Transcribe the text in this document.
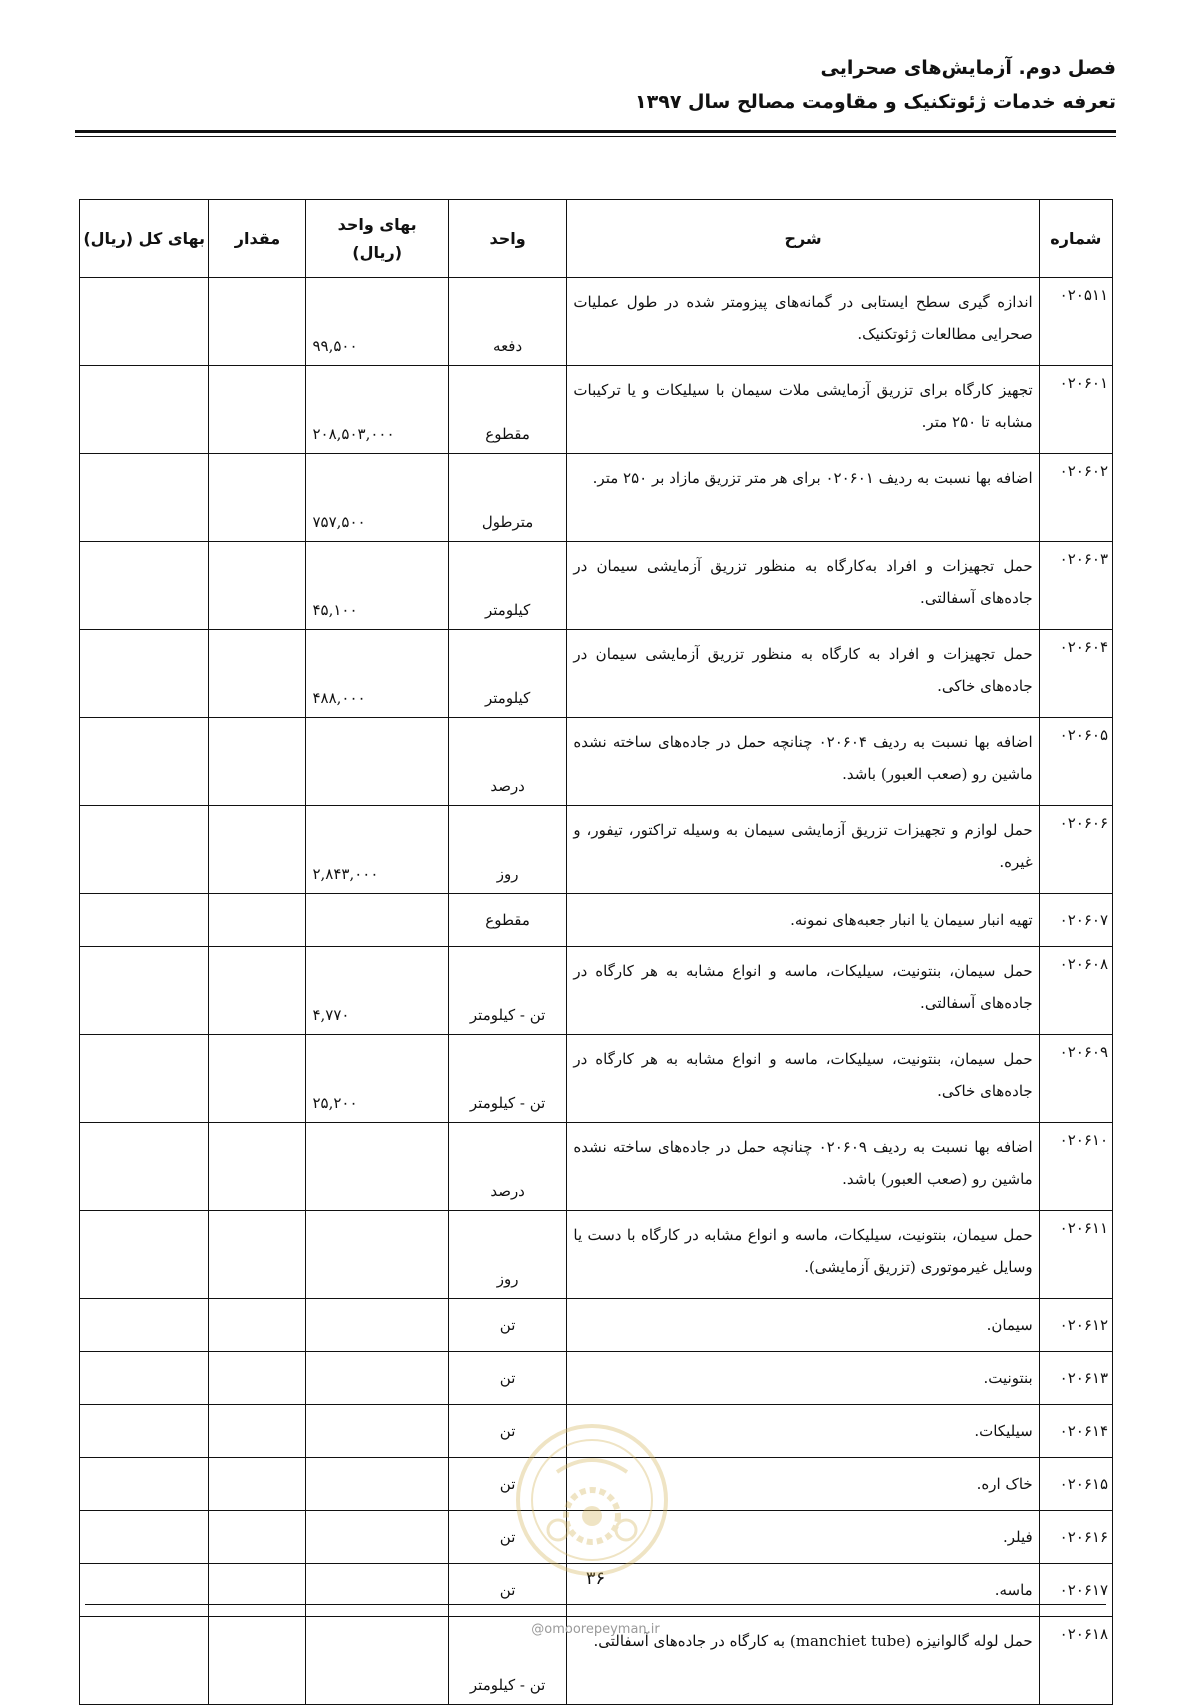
فصل دوم. آزمایش‌های صحرایی
تعرفه خدمات ژئوتکنیک و مقاومت مصالح سال ۱۳۹۷
شماره	شرح	واحد	بهای واحد
(ریال)	مقدار	بهای کل (ریال)
۰۲۰۵۱۱	اندازه گیری سطح ایستابی در گمانه‌های پیزومتر شده در طول عملیات صحرایی مطالعات ژئوتکنیک.	دفعه	۹۹,۵۰۰		
۰۲۰۶۰۱	تجهیز کارگاه برای تزریق آزمایشی ملات سیمان با سیلیکات و یا ترکیبات مشابه تا ۲۵۰ متر.	مقطوع	۲۰۸,۵۰۳,۰۰۰		
۰۲۰۶۰۲	اضافه بها نسبت به ردیف ۰۲۰۶۰۱ برای هر متر تزریق مازاد بر ۲۵۰ متر.	مترطول	۷۵۷,۵۰۰		
۰۲۰۶۰۳	حمل تجهیزات و افراد به‌کارگاه به منظور تزریق آزمایشی سیمان در جاده‌های آسفالتی.	کیلومتر	۴۵,۱۰۰		
۰۲۰۶۰۴	حمل تجهیزات و افراد به کارگاه به منظور تزریق آزمایشی سیمان در جاده‌های خاکی.	کیلومتر	۴۸۸,۰۰۰		
۰۲۰۶۰۵	اضافه بها نسبت به ردیف ۰۲۰۶۰۴ چنانچه حمل در جاده‌های ساخته نشده ماشین رو (صعب العبور) باشد.	درصد			
۰۲۰۶۰۶	حمل لوازم و تجهیزات تزریق آزمایشی سیمان به وسیله تراکتور، تیفور، و غیره.	روز	۲,۸۴۳,۰۰۰		
۰۲۰۶۰۷	تهیه انبار سیمان یا انبار جعبه‌های نمونه.	مقطوع			
۰۲۰۶۰۸	حمل سیمان، بنتونیت، سیلیکات، ماسه و انواع مشابه به هر کارگاه در جاده‌های آسفالتی.	تن - کیلومتر	۴,۷۷۰		
۰۲۰۶۰۹	حمل سیمان، بنتونیت، سیلیکات، ماسه و انواع مشابه به هر کارگاه در جاده‌های خاکی.	تن - کیلومتر	۲۵,۲۰۰		
۰۲۰۶۱۰	اضافه بها نسبت به ردیف ۰۲۰۶۰۹ چنانچه حمل در جاده‌های ساخته نشده ماشین رو (صعب العبور) باشد.	درصد			
۰۲۰۶۱۱	حمل سیمان، بنتونیت، سیلیکات، ماسه و انواع مشابه در کارگاه با دست یا وسایل غیرموتوری (تزریق آزمایشی).	روز			
۰۲۰۶۱۲	سیمان.	تن			
۰۲۰۶۱۳	بنتونیت.	تن			
۰۲۰۶۱۴	سیلیکات.	تن			
۰۲۰۶۱۵	خاک اره.	تن			
۰۲۰۶۱۶	فیلر.	تن			
۰۲۰۶۱۷	ماسه.	تن			
۰۲۰۶۱۸	حمل لوله گالوانیزه (manchiet tube) به کارگاه در جاده‌های آسفالتی.	تن - کیلومتر			
۳۶
@omoorepeyman.ir
